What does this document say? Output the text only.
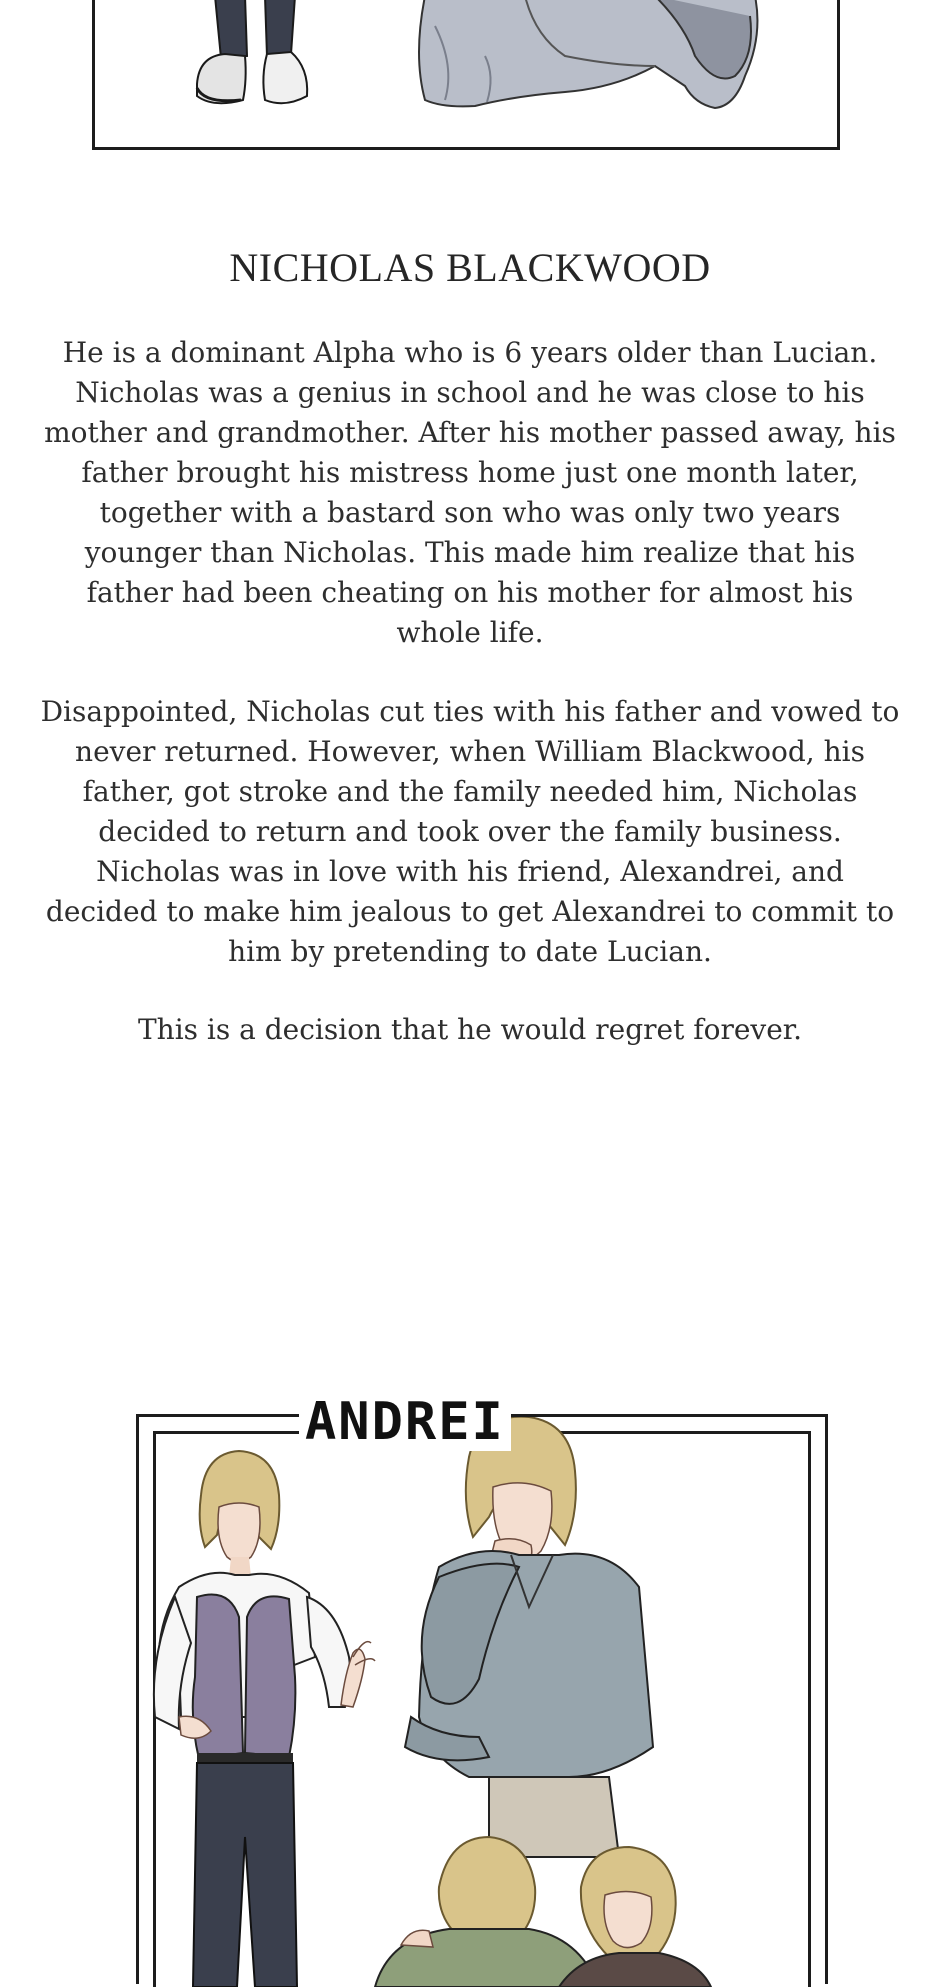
NICHOLAS BLACKWOOD

He is a dominant Alpha who is 6 years older than Lucian. Nicholas was a genius in school and he was close to his mother and grandmother. After his mother passed away, his father brought his mistress home just one month later, together with a bastard son who was only two years younger than Nicholas. This made him realize that his father had been cheating on his mother for almost his whole life.

Disappointed, Nicholas cut ties with his father and vowed to never returned. However, when William Blackwood, his father, got stroke and the family needed him, Nicholas decided to return and took over the family business. Nicholas was in love with his friend, Alexandrei, and decided to make him jealous to get Alexandrei to commit to him by pretending to date Lucian.

This is a decision that he would regret forever.

ANDREI
